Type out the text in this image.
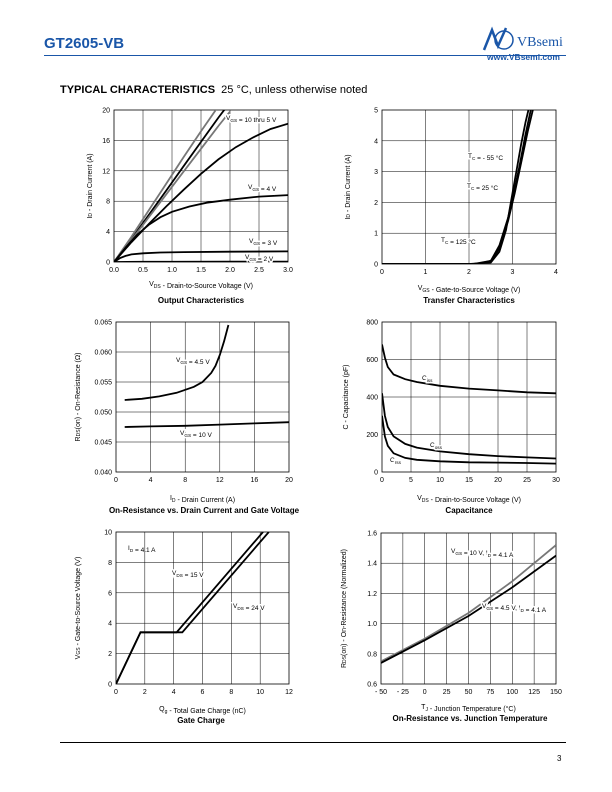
GT2605-VB	VBsemi
www.VBsemi.com
TYPICAL CHARACTERISTICS 25 °C, unless otherwise noted
0.0	0.5	1.0	1.5	2.0	2.5	3.0
0
4
8
12
16
20
$V_{DS}$ - Drain-to-Source Voltage (V)
ID - Drain Current (A)
$V_{GS} = 10$ thru 5 V
$V_{GS} = 4$ V
$V_{GS} = 3$ V
$V_{GS} = 2$ V
0	1	2	3	4
0
1
2
3
4
5
$V_{GS}$ - Gate-to-Source Voltage (V)
ID - Drain Current (A)	$T_C$ = - 55 °C
$T_C = 25$ °C
$T_C = 125$ °C
0	4	8	12	16	20
0.040
0.045
0.050
0.055
0.060
0.065
$I_D$ - Drain Current (A)
RDS(on) - On-Resistance (Ω)	$V_{GS} = 4.5$ V
$V_{GS} = 10$ V
0	5	10	15	20	25	30
0
200
400
600
800
$V_{DS}$ - Drain-to-Source Voltage (V)
C - Capacitance (pF)	$C_{iss}$
$C_{oss}$
$C_{rss}$
0	2	4	6	8	10	12
0
2
4
6
8
10
$Q_g$ - Total Gate Charge (nC)
VGS - Gate-to-Source Voltage (V)	$V_{DS} = 15$ V
$V_{DS} = 24$ V
$I_D = 4.1$ A
- 50 - 25 0 25 50 75 100 125 150
0.6
0.8
1.0
1.2
1.4
1.6
$T_J$ - Junction Temperature (°C)
RDS(on) - On-Resistance (Normalized)	$V_{GS} = 10$ V, $I_D = 4.1$ A
$V_{GS} = 4.5$ V, $I_D = 4.1$ A
Output Characteristics	Transfer Characteristics
On-Resistance vs. Drain Current and Gate Voltage	Capacitance
Gate Charge	On-Resistance vs. Junction Temperature
3
